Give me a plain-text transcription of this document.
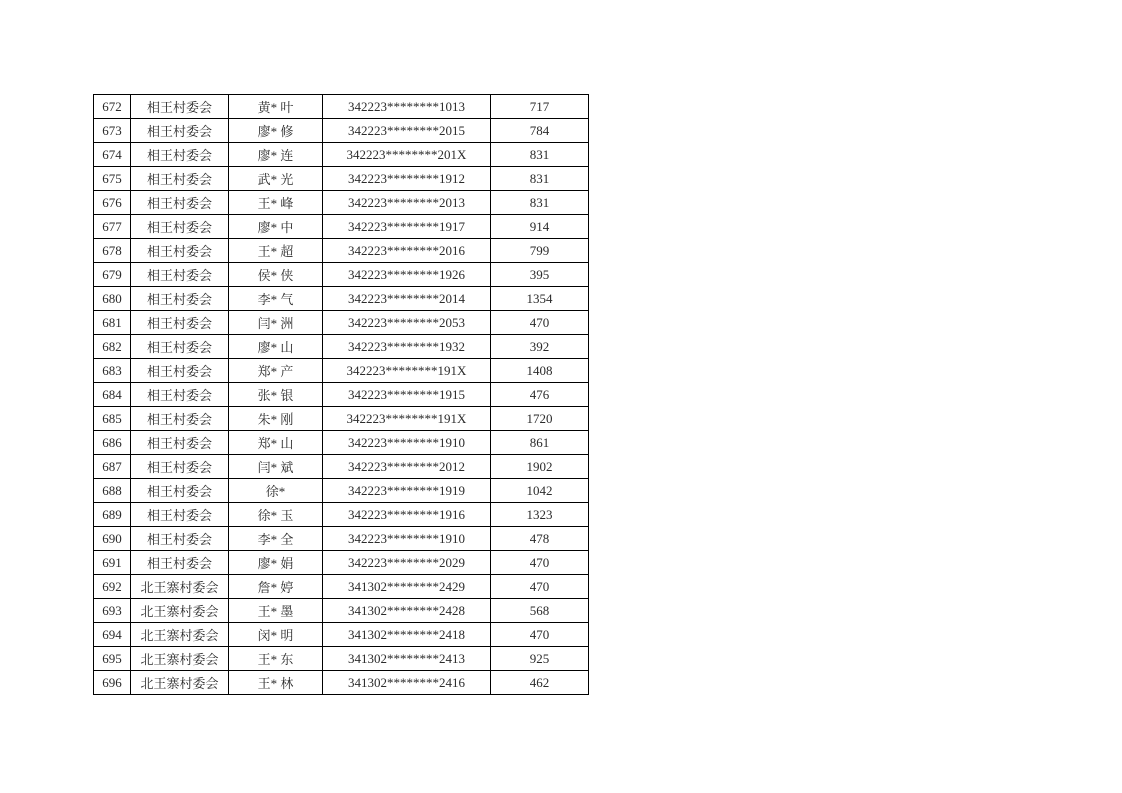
672	相王村委会	黄* 叶	342223********1013	717
673	相王村委会	廖* 修	342223********2015	784
674	相王村委会	廖* 连	342223********201X	831
675	相王村委会	武* 光	342223********1912	831
676	相王村委会	王* 峰	342223********2013	831
677	相王村委会	廖* 中	342223********1917	914
678	相王村委会	王* 超	342223********2016	799
679	相王村委会	侯* 侠	342223********1926	395
680	相王村委会	李* 气	342223********2014	1354
681	相王村委会	闫* 洲	342223********2053	470
682	相王村委会	廖* 山	342223********1932	392
683	相王村委会	郑* 产	342223********191X	1408
684	相王村委会	张* 银	342223********1915	476
685	相王村委会	朱* 刚	342223********191X	1720
686	相王村委会	郑* 山	342223********1910	861
687	相王村委会	闫* 斌	342223********2012	1902
688	相王村委会	徐*	342223********1919	1042
689	相王村委会	徐* 玉	342223********1916	1323
690	相王村委会	李* 全	342223********1910	478
691	相王村委会	廖* 娟	342223********2029	470
692	北王寨村委会	詹* 婷	341302********2429	470
693	北王寨村委会	王* 墨	341302********2428	568
694	北王寨村委会	闵* 明	341302********2418	470
695	北王寨村委会	王* 东	341302********2413	925
696	北王寨村委会	王* 林	341302********2416	462
